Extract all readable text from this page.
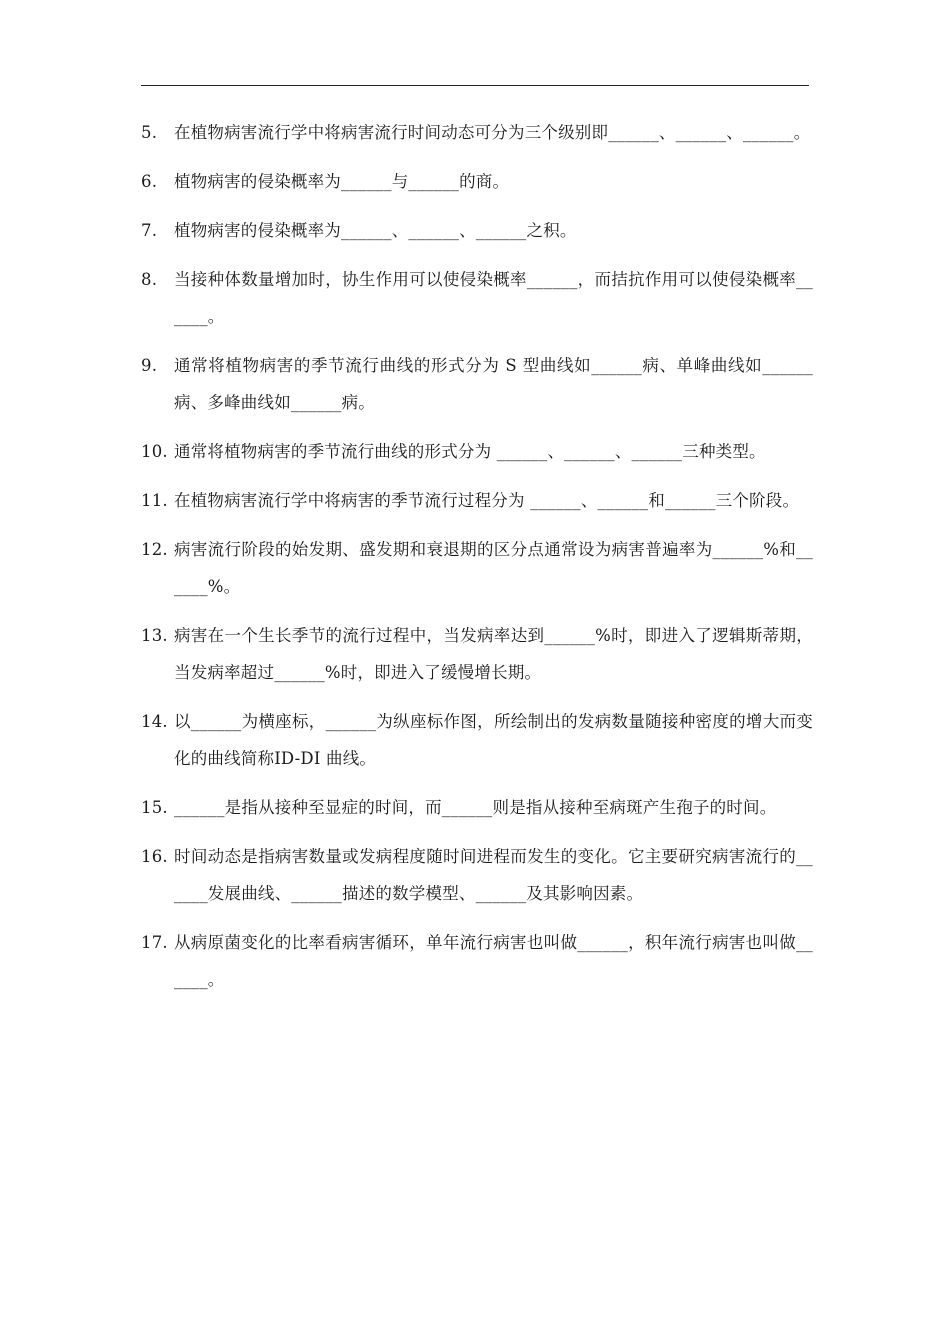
5.	在植物病害流行学中将病害流行时间动态可分为三个级别即______、______、______。
6.	植物病害的侵染概率为______与______的商。
7.	植物病害的侵染概率为______、______、______之积。
8.	当接种体数量增加时，协生作用可以使侵染概率______，而拮抗作用可以使侵染概率______。
9.	通常将植物病害的季节流行曲线的形式分为 S 型曲线如______病、单峰曲线如______病、多峰曲线如______病。
10. 通常将植物病害的季节流行曲线的形式分为 ______、______、______三种类型。
11. 在植物病害流行学中将病害的季节流行过程分为 ______、______和______三个阶段。
12. 病害流行阶段的始发期、盛发期和衰退期的区分点通常设为病害普遍率为______%和______%。
13. 病害在一个生长季节的流行过程中，当发病率达到______%时，即进入了逻辑斯蒂期，当发病率超过______%时，即进入了缓慢增长期。
14. 以______为横座标，______为纵座标作图，所绘制出的发病数量随接种密度的增大而变化的曲线简称ID-DI 曲线。
15. ______是指从接种至显症的时间，而______则是指从接种至病斑产生孢子的时间。
16. 时间动态是指病害数量或发病程度随时间进程而发生的变化。它主要研究病害流行的______发展曲线、______描述的数学模型、______及其影响因素。
17. 从病原菌变化的比率看病害循环，单年流行病害也叫做______，积年流行病害也叫做______。
